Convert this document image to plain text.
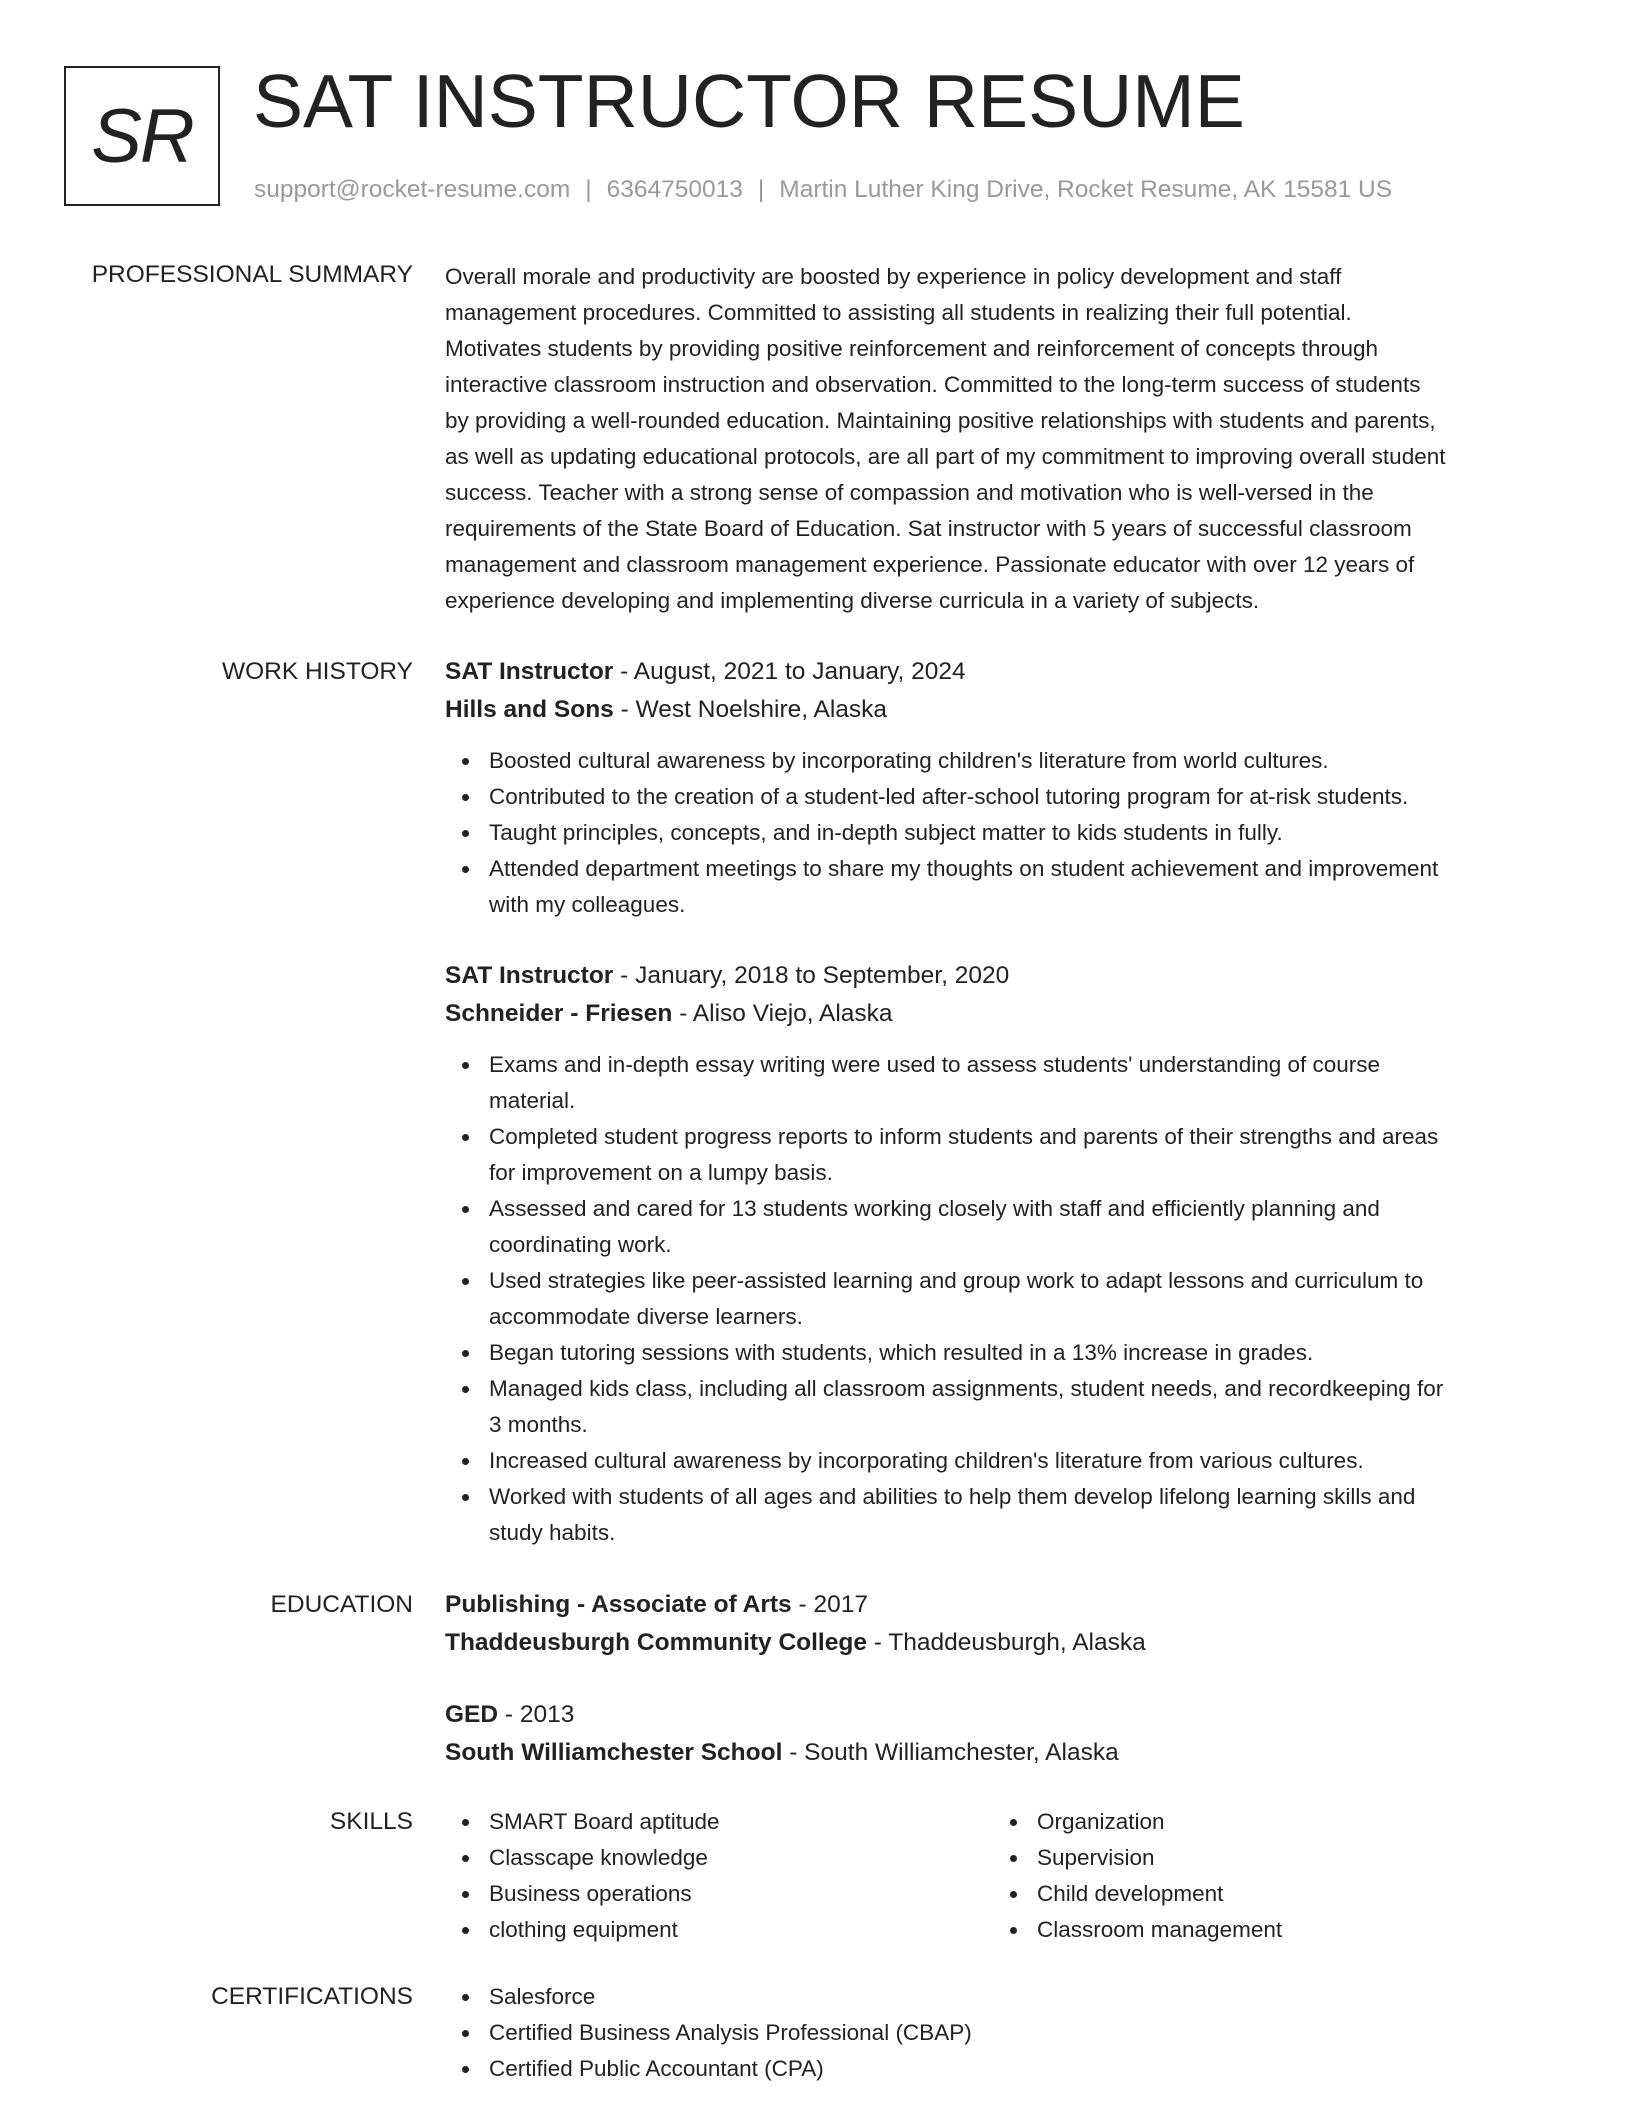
SR SAT INSTRUCTOR RESUME
support@rocket-resume.com | 6364750013 | Martin Luther King Drive, Rocket Resume, AK 15581 US
PROFESSIONAL SUMMARY Overall morale and productivity are boosted by experience in policy development and staff
management procedures. Committed to assisting all students in realizing their full potential.
Motivates students by providing positive reinforcement and reinforcement of concepts through
interactive classroom instruction and observation. Committed to the long-term success of students
by providing a well-rounded education. Maintaining positive relationships with students and parents,
as well as updating educational protocols, are all part of my commitment to improving overall student
success. Teacher with a strong sense of compassion and motivation who is well-versed in the
requirements of the State Board of Education. Sat instructor with 5 years of successful classroom
management and classroom management experience. Passionate educator with over 12 years of
experience developing and implementing diverse curricula in a variety of subjects.
WORK HISTORY SAT Instructor - August, 2021 to January, 2024
Hills and Sons - West Noelshire, Alaska
Boosted cultural awareness by incorporating children's literature from world cultures.
Contributed to the creation of a student-led after-school tutoring program for at-risk students.
Taught principles, concepts, and in-depth subject matter to kids students in fully.
Attended department meetings to share my thoughts on student achievement and improvement
with my colleagues.
SAT Instructor - January, 2018 to September, 2020
Schneider - Friesen - Aliso Viejo, Alaska
Exams and in-depth essay writing were used to assess students' understanding of course
material.
Completed student progress reports to inform students and parents of their strengths and areas
for improvement on a lumpy basis.
Assessed and cared for 13 students working closely with staff and efficiently planning and
coordinating work.
Used strategies like peer-assisted learning and group work to adapt lessons and curriculum to
accommodate diverse learners.
Began tutoring sessions with students, which resulted in a 13% increase in grades.
Managed kids class, including all classroom assignments, student needs, and recordkeeping for
3 months.
Increased cultural awareness by incorporating children's literature from various cultures.
Worked with students of all ages and abilities to help them develop lifelong learning skills and
study habits.
EDUCATION Publishing - Associate of Arts - 2017
Thaddeusburgh Community College - Thaddeusburgh, Alaska
GED - 2013
South Williamchester School - South Williamchester, Alaska
SKILLS	SMART Board aptitude
Classcape knowledge
Business operations
clothing equipment
Organization
Supervision
Child development
Classroom management
CERTIFICATIONS	Salesforce
Certified Business Analysis Professional (CBAP)
Certified Public Accountant (CPA)
